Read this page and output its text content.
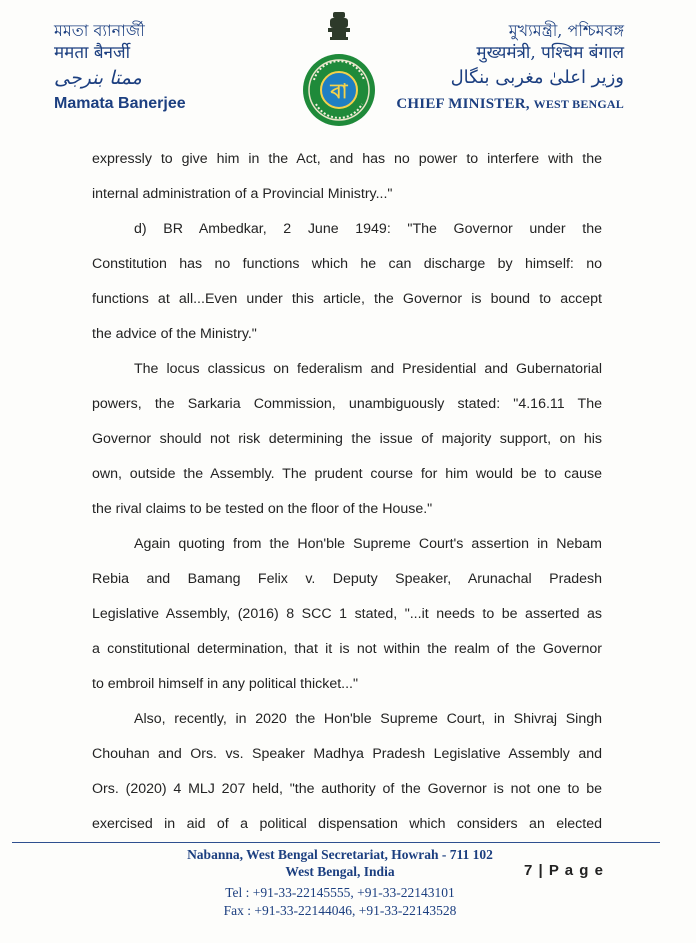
মমতা ব্যানার্জী
ममता बैनर्जी
ممتا بنرجی
Mamata Banerjee
বা
মুখ্যমন্ত্রী, পশ্চিমবঙ্গ
मुख्यमंत्री, पश्चिम बंगाल
وزیر اعلیٰ مغربی بنگال
CHIEF MINISTER, WEST BENGAL

expressly to give him in the Act, and has no power to interfere with the
internal administration of a Provincial Ministry..."

d) BR Ambedkar, 2 June 1949: "The Governor under the
Constitution has no functions which he can discharge by himself: no
functions at all...Even under this article, the Governor is bound to accept
the advice of the Ministry."

The locus classicus on federalism and Presidential and Gubernatorial
powers, the Sarkaria Commission, unambiguously stated: "4.16.11 The
Governor should not risk determining the issue of majority support, on his
own, outside the Assembly. The prudent course for him would be to cause
the rival claims to be tested on the floor of the House."

Again quoting from the Hon'ble Supreme Court's assertion in Nebam
Rebia and Bamang Felix v. Deputy Speaker, Arunachal Pradesh
Legislative Assembly, (2016) 8 SCC 1 stated, "...it needs to be asserted as
a constitutional determination, that it is not within the realm of the Governor
to embroil himself in any political thicket..."

Also, recently, in 2020 the Hon'ble Supreme Court, in Shivraj Singh
Chouhan and Ors. vs. Speaker Madhya Pradesh Legislative Assembly and
Ors. (2020) 4 MLJ 207 held, "the authority of the Governor is not one to be
exercised in aid of a political dispensation which considers an elected

Nabanna, West Bengal Secretariat, Howrah - 711 102
West Bengal, India
Tel : +91-33-22145555, +91-33-22143101
Fax : +91-33-22144046, +91-33-22143528
7 | P a g e
